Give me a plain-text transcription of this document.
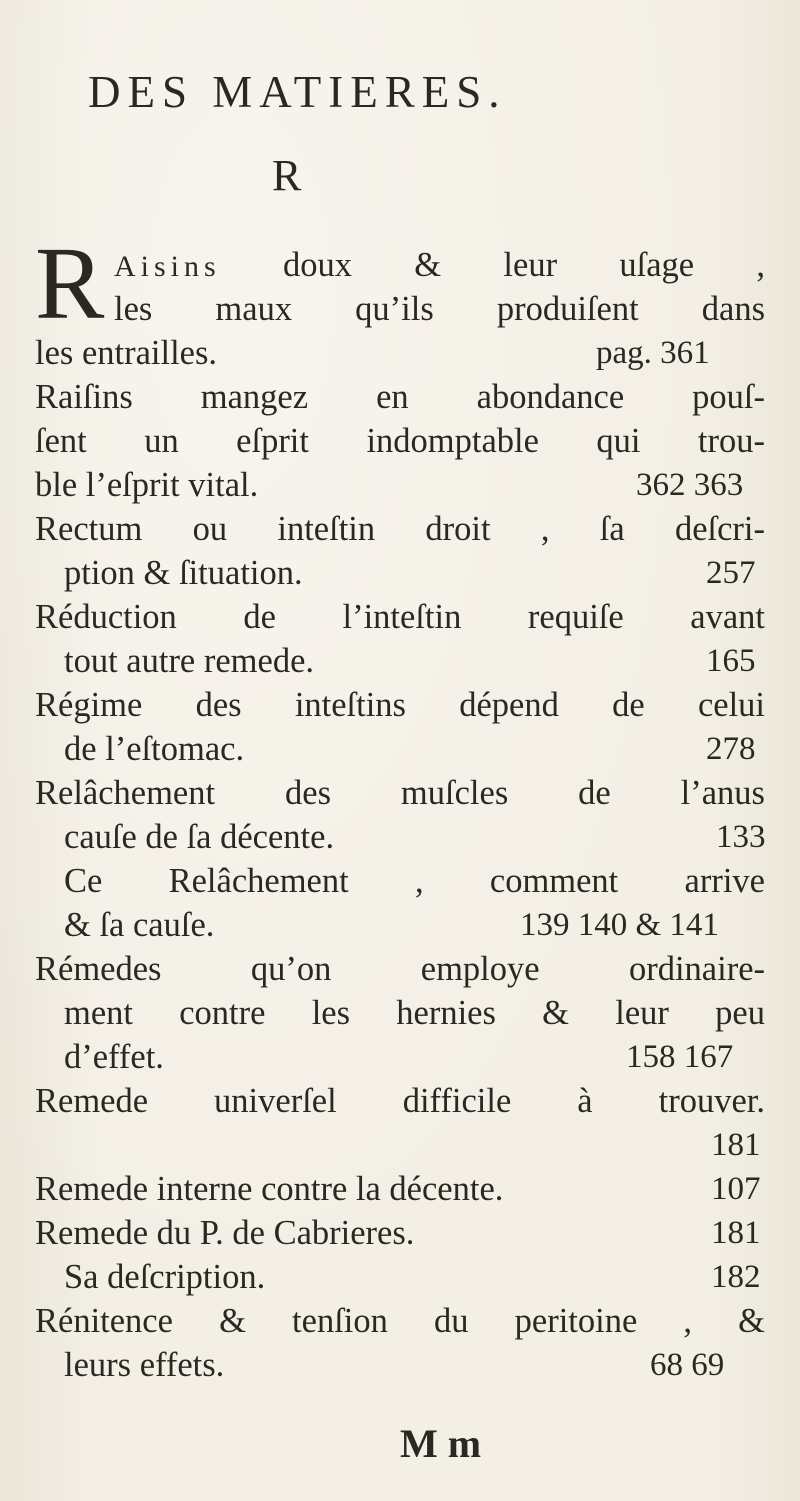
DES MATIERES.
R
R Aisins doux & leur uſage ,
les maux qu’ils produiſent dans
les entrailles.	pag. 361
Raiſins mangez en abondance pouſ-
ſent un eſprit indomptable qui trou-
ble l’eſprit vital.	362 363
Rectum ou inteſtin droit , ſa deſcri-
ption & ſituation.	257
Réduction de l’inteſtin requiſe avant
tout autre remede.	165
Régime des inteſtins dépend de celui
de l’eſtomac.	278
Relâchement des muſcles de l’anus
cauſe de ſa décente.	133
Ce Relâchement , comment arrive
& ſa cauſe.	139 140 & 141
Rémedes qu’on employe ordinaire-
ment contre les hernies & leur peu
d’effet.	158 167
Remede univerſel difficile à trouver.
181
Remede interne contre la décente.	107
Remede du P. de Cabrieres.	181
Sa deſcription.	182
Rénitence & tenſion du peritoine , &
leurs effets.	68 69
M m
